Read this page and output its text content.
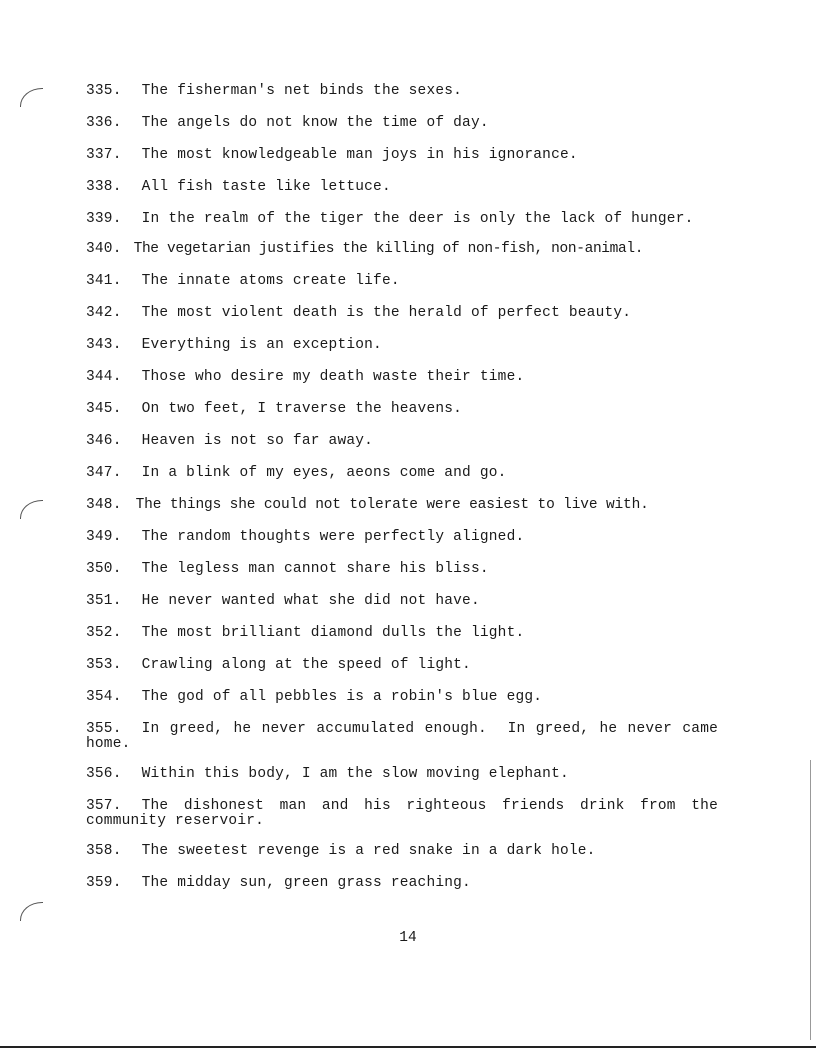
335. The fisherman's net binds the sexes.
336. The angels do not know the time of day.
337. The most knowledgeable man joys in his ignorance.
338. All fish taste like lettuce.
339. In the realm of the tiger the deer is only the lack of hunger.
340. The vegetarian justifies the killing of non-fish, non-animal.
341. The innate atoms create life.
342. The most violent death is the herald of perfect beauty.
343. Everything is an exception.
344. Those who desire my death waste their time.
345. On two feet, I traverse the heavens.
346. Heaven is not so far away.
347. In a blink of my eyes, aeons come and go.
348. The things she could not tolerate were easiest to live with.
349. The random thoughts were perfectly aligned.
350. The legless man cannot share his bliss.
351. He never wanted what she did not have.
352. The most brilliant diamond dulls the light.
353. Crawling along at the speed of light.
354. The god of all pebbles is a robin's blue egg.
355. In greed, he never accumulated enough.  In greed, he never came home.
356. Within this body, I am the slow moving elephant.
357. The dishonest man and his righteous friends drink from the community reservoir.
358. The sweetest revenge is a red snake in a dark hole.
359. The midday sun, green grass reaching.
14
